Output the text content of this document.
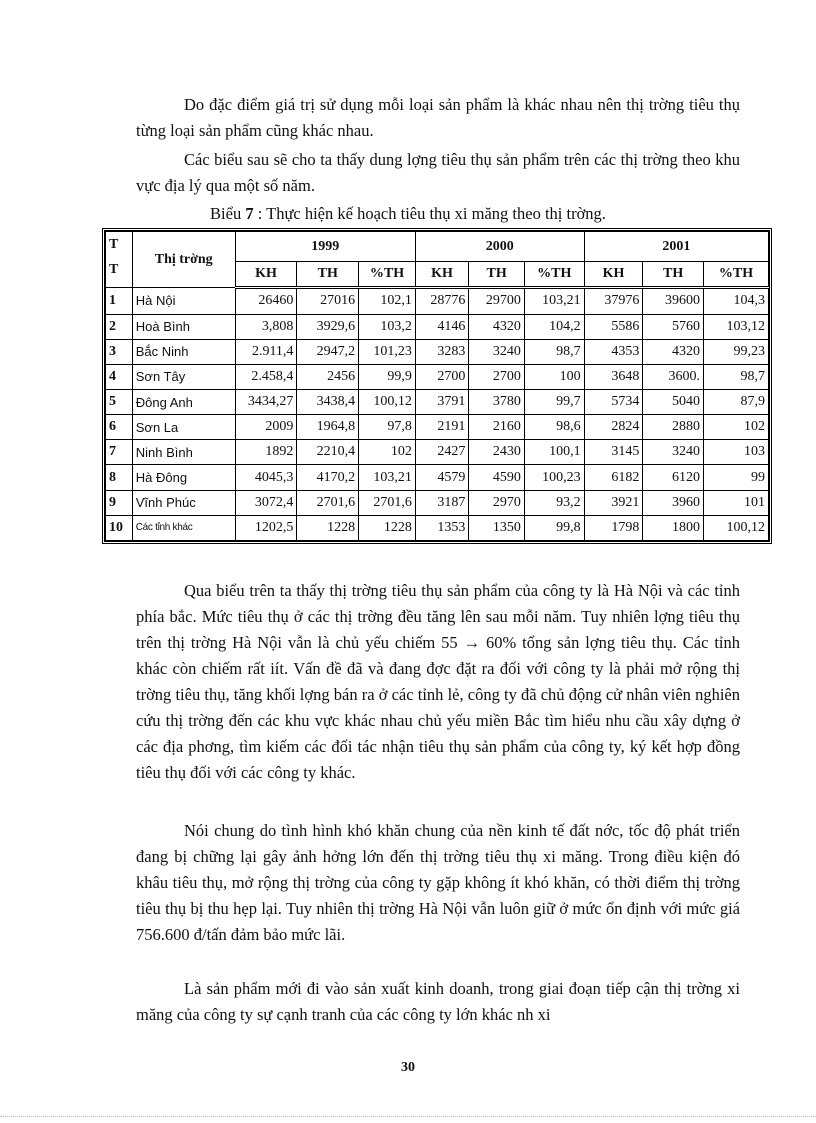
Do đặc điểm giá trị sử dụng mỗi loại sản phẩm là khác nhau nên thị trờng tiêu thụ từng loại sản phẩm cũng khác nhau.

Các biểu sau sẽ cho ta thấy dung lợng tiêu thụ sản phẩm trên các thị trờng theo khu vực địa lý qua một số năm.

Biểu 7 : Thực hiện kế hoạch tiêu thụ xi măng theo thị trờng.

T
T	Thị trờng	1999			2000			2001		
		KH	TH	%TH	KH	TH	%TH	KH	TH	%TH
1	Hà Nội	26460	27016	102,1	28776	29700	103,21	37976	39600	104,3
2	Hoà Bình	3,808	3929,6	103,2	4146	4320	104,2	5586	5760	103,12
3	Bắc Ninh	2.911,4	2947,2	101,23	3283	3240	98,7	4353	4320	99,23
4	Sơn Tây	2.458,4	2456	99,9	2700	2700	100	3648	3600.	98,7
5	Đông Anh	3434,27	3438,4	100,12	3791	3780	99,7	5734	5040	87,9
6	Sơn La	2009	1964,8	97,8	2191	2160	98,6	2824	2880	102
7	Ninh Bình	1892	2210,4	102	2427	2430	100,1	3145	3240	103
8	Hà Đông	4045,3	4170,2	103,21	4579	4590	100,23	6182	6120	99
9	Vĩnh Phúc	3072,4	2701,6	2701,6	3187	2970	93,2	3921	3960	101
10	Các tỉnh khác	1202,5	1228	1228	1353	1350	99,8	1798	1800	100,12

Qua biểu trên ta thấy thị trờng tiêu thụ sản phẩm của công ty là Hà Nội và các tỉnh phía bắc. Mức tiêu thụ ở các thị trờng đều tăng lên sau mỗi năm. Tuy nhiên lợng tiêu thụ trên thị trờng Hà Nội vẫn là chủ yếu chiếm 55 → 60% tổng sản lợng tiêu thụ. Các tỉnh khác còn chiếm rất iít. Vấn đề đã và đang đợc đặt ra đối với công ty là phải mở rộng thị trờng tiêu thụ, tăng khối lợng bán ra ở các tỉnh lẻ, công ty đã chủ động cử nhân viên nghiên cứu thị trờng đến các khu vực khác nhau chủ yếu miền Bắc tìm hiểu nhu cầu xây dựng ở các địa phơng, tìm kiếm các đối tác nhận tiêu thụ sản phẩm của công ty, ký kết hợp đồng tiêu thụ đối với các công ty khác.

Nói chung do tình hình khó khăn chung của nền kinh tế đất nớc, tốc độ phát triển đang bị chững lại gây ảnh hởng lớn đến thị trờng tiêu thụ xi măng. Trong điều kiện đó khâu tiêu thụ, mở rộng thị trờng của công ty gặp không ít khó khăn, có thời điểm thị trờng tiêu thụ bị thu hẹp lại. Tuy nhiên thị trờng Hà Nội vẫn luôn giữ ở mức ổn định với mức giá 756.600 đ/tấn đảm bảo mức lãi.

Là sản phẩm mới đi vào sản xuất kinh doanh, trong giai đoạn tiếp cận thị trờng xi măng của công ty sự cạnh tranh của các công ty lớn khác nh xi

30
